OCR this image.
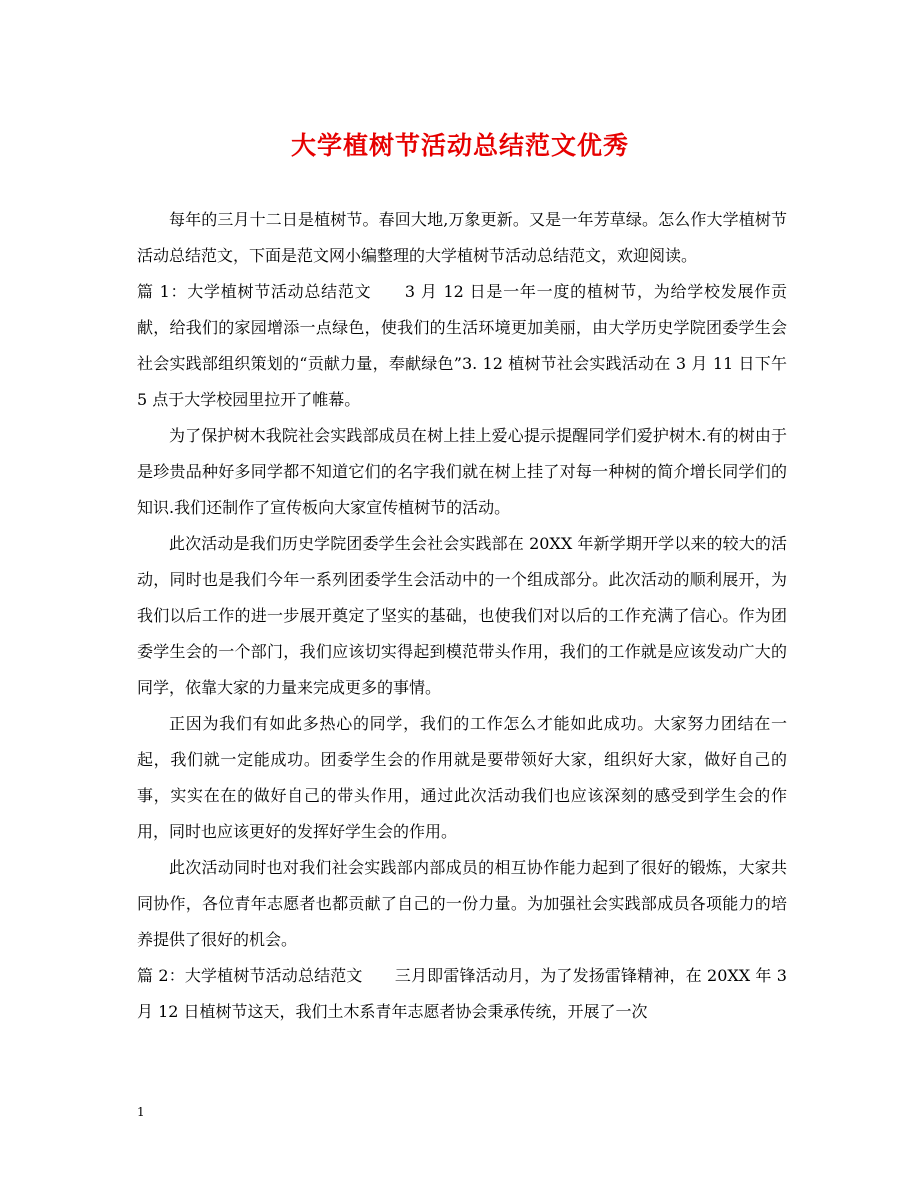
大学植树节活动总结范文优秀

每年的三月十二日是植树节。春回大地,万象更新。又是一年芳草绿。怎么作大学植树节活动总结范文，下面是范文网小编整理的大学植树节活动总结范文，欢迎阅读。

篇 1：大学植树节活动总结范文　　3 月 12 日是一年一度的植树节，为给学校发展作贡献，给我们的家园增添一点绿色，使我们的生活环境更加美丽，由大学历史学院团委学生会社会实践部组织策划的“贡献力量，奉献绿色”3. 12 植树节社会实践活动在 3 月 11 日下午 5 点于大学校园里拉开了帷幕。

为了保护树木我院社会实践部成员在树上挂上爱心提示提醒同学们爱护树木.有的树由于是珍贵品种好多同学都不知道它们的名字我们就在树上挂了对每一种树的简介增长同学们的知识.我们还制作了宣传板向大家宣传植树节的活动。

此次活动是我们历史学院团委学生会社会实践部在 20XX 年新学期开学以来的较大的活动，同时也是我们今年一系列团委学生会活动中的一个组成部分。此次活动的顺利展开，为我们以后工作的进一步展开奠定了坚实的基础，也使我们对以后的工作充满了信心。作为团委学生会的一个部门，我们应该切实得起到模范带头作用，我们的工作就是应该发动广大的同学，依靠大家的力量来完成更多的事情。

正因为我们有如此多热心的同学，我们的工作怎么才能如此成功。大家努力团结在一起，我们就一定能成功。团委学生会的作用就是要带领好大家，组织好大家，做好自己的事，实实在在的做好自己的带头作用，通过此次活动我们也应该深刻的感受到学生会的作用，同时也应该更好的发挥好学生会的作用。

此次活动同时也对我们社会实践部内部成员的相互协作能力起到了很好的锻炼，大家共同协作，各位青年志愿者也都贡献了自己的一份力量。为加强社会实践部成员各项能力的培养提供了很好的机会。

篇 2：大学植树节活动总结范文　　三月即雷锋活动月，为了发扬雷锋精神，在 20XX 年 3 月 12 日植树节这天，我们土木系青年志愿者协会秉承传统，开展了一次

1
